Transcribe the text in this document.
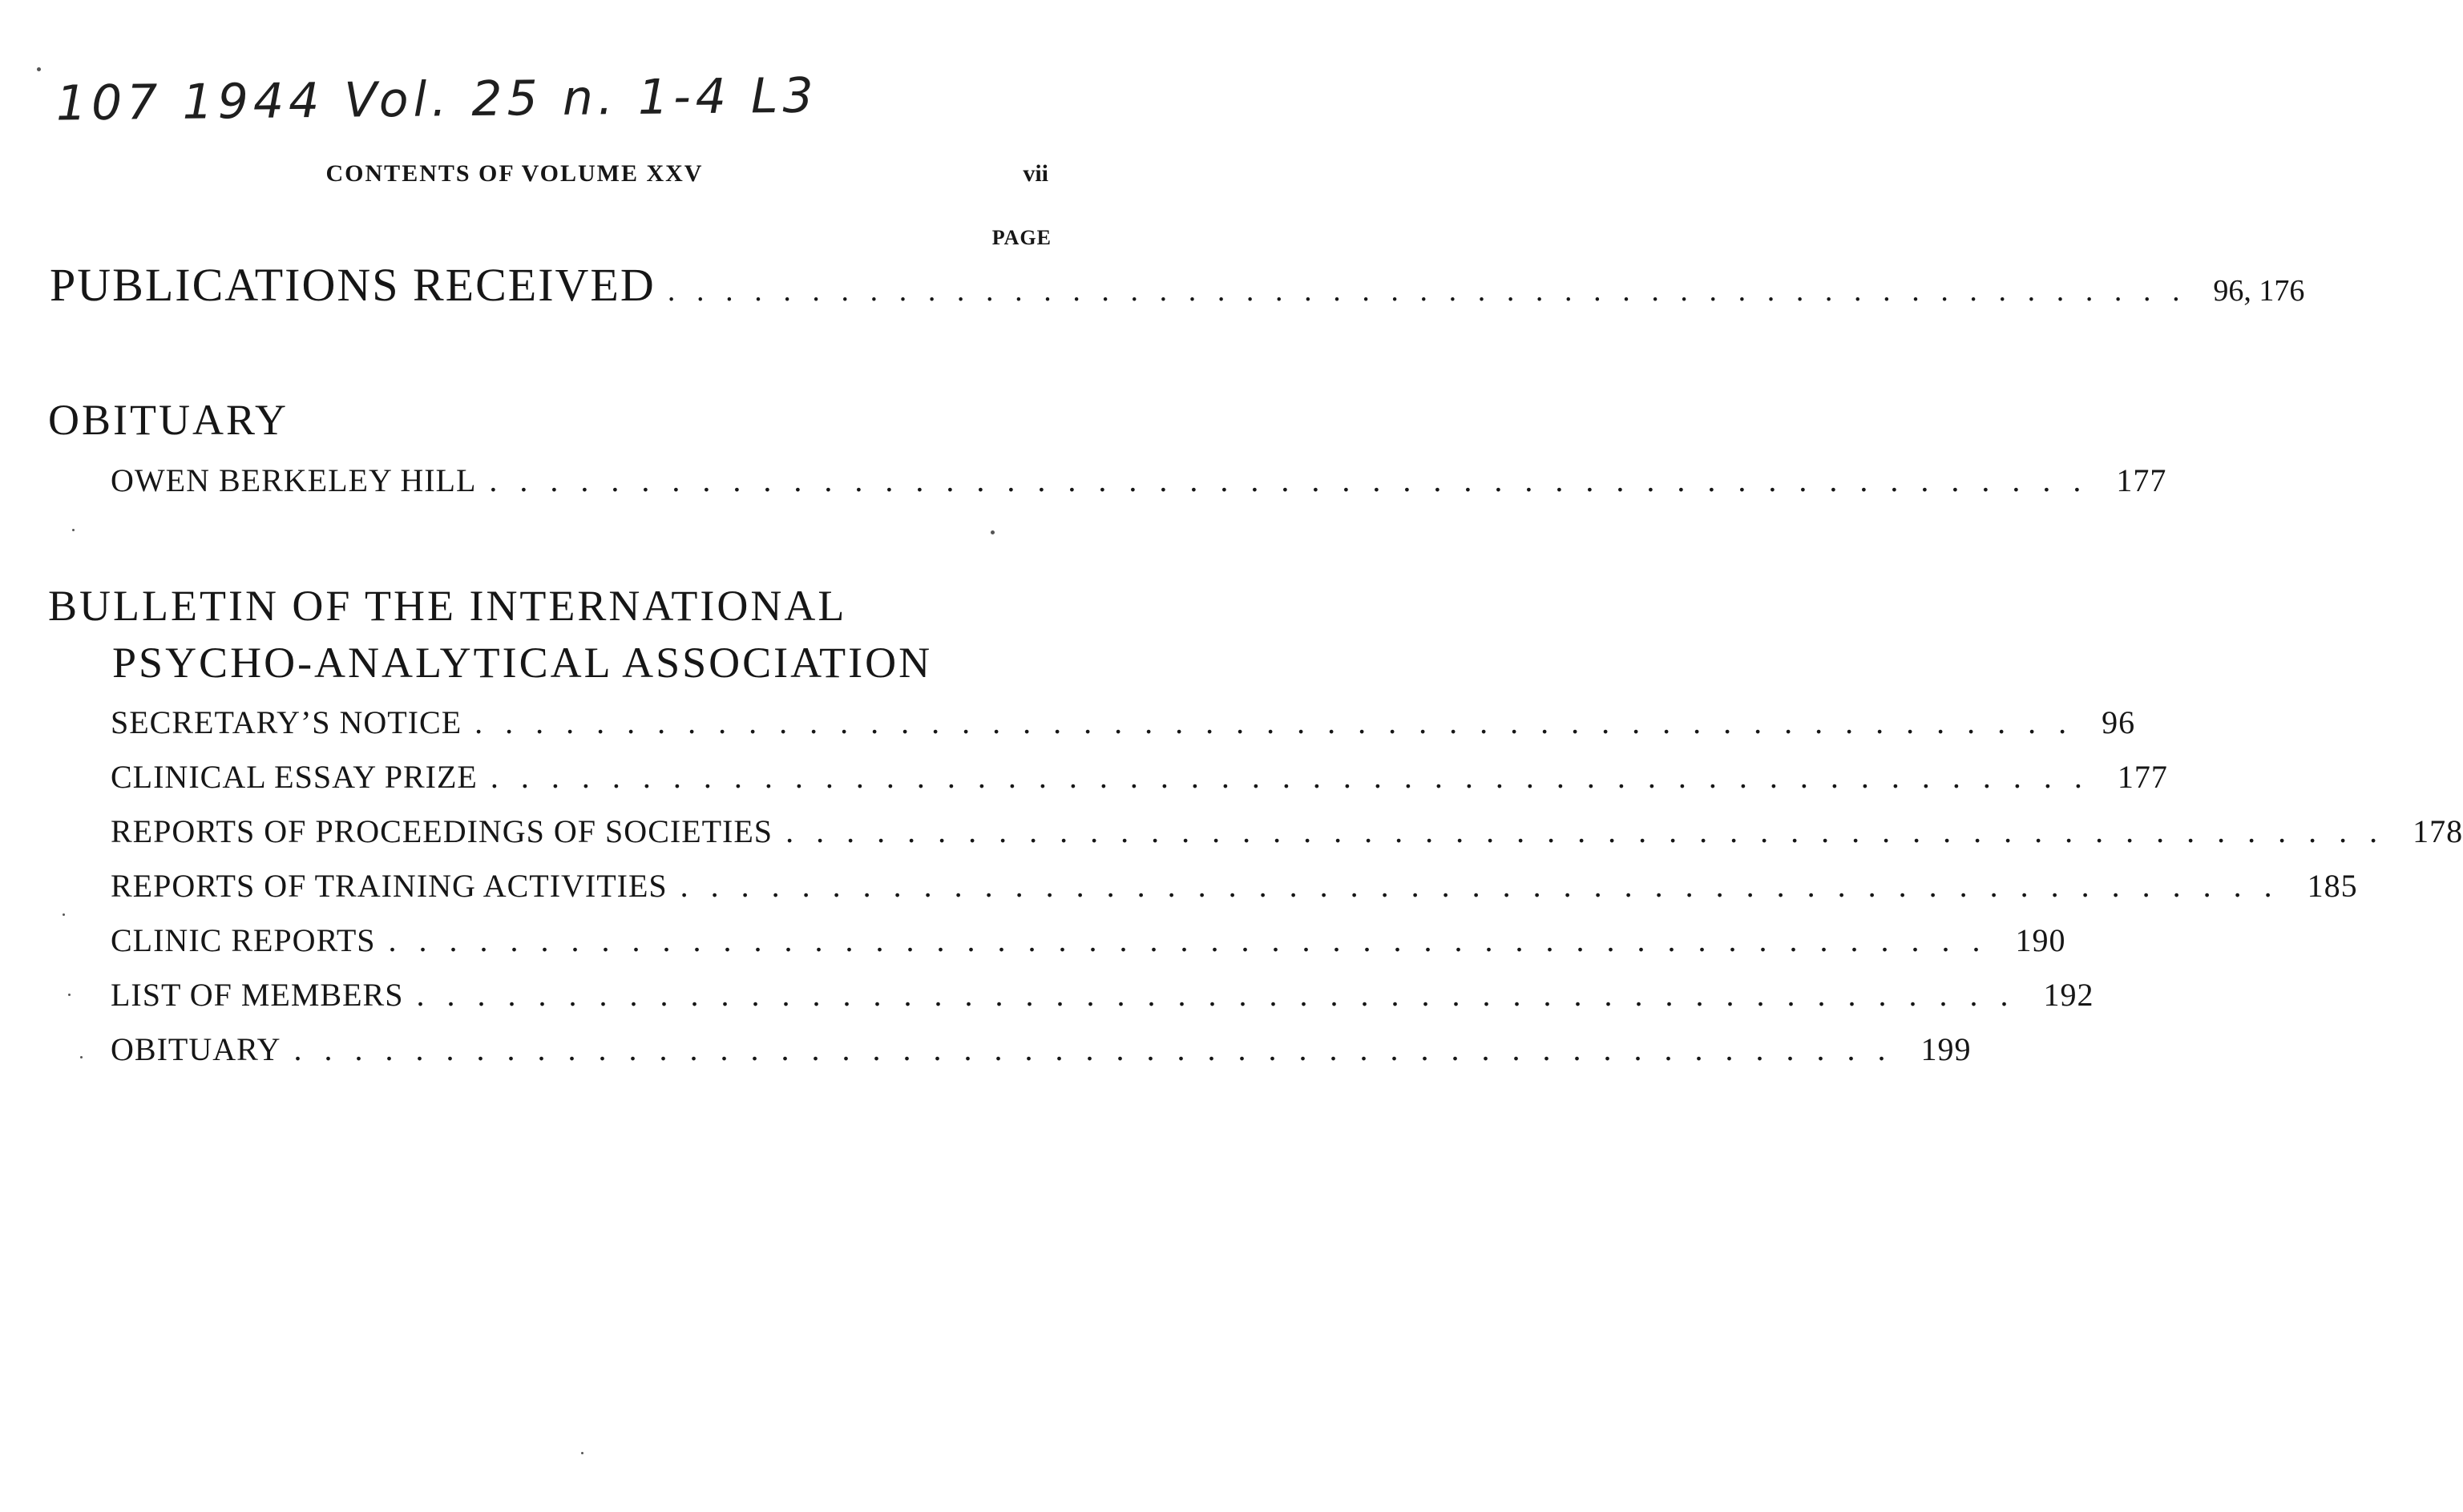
107 1944 Vol. 25 n. 1-4 L3
CONTENTS OF VOLUME XXV	vii
PAGE
PUBLICATIONS RECEIVED ..................................................... 96, 176
OBITUARY
OWEN BERKELEY HILL ..................................................... 177
BULLETIN OF THE INTERNATIONAL
PSYCHO-ANALYTICAL ASSOCIATION
SECRETARY’S NOTICE ..................................................... 96
CLINICAL ESSAY PRIZE ..................................................... 177
REPORTS OF PROCEEDINGS OF SOCIETIES ..................................................... 178
REPORTS OF TRAINING ACTIVITIES ..................................................... 185
CLINIC REPORTS ..................................................... 190
LIST OF MEMBERS ..................................................... 192
OBITUARY ..................................................... 199
